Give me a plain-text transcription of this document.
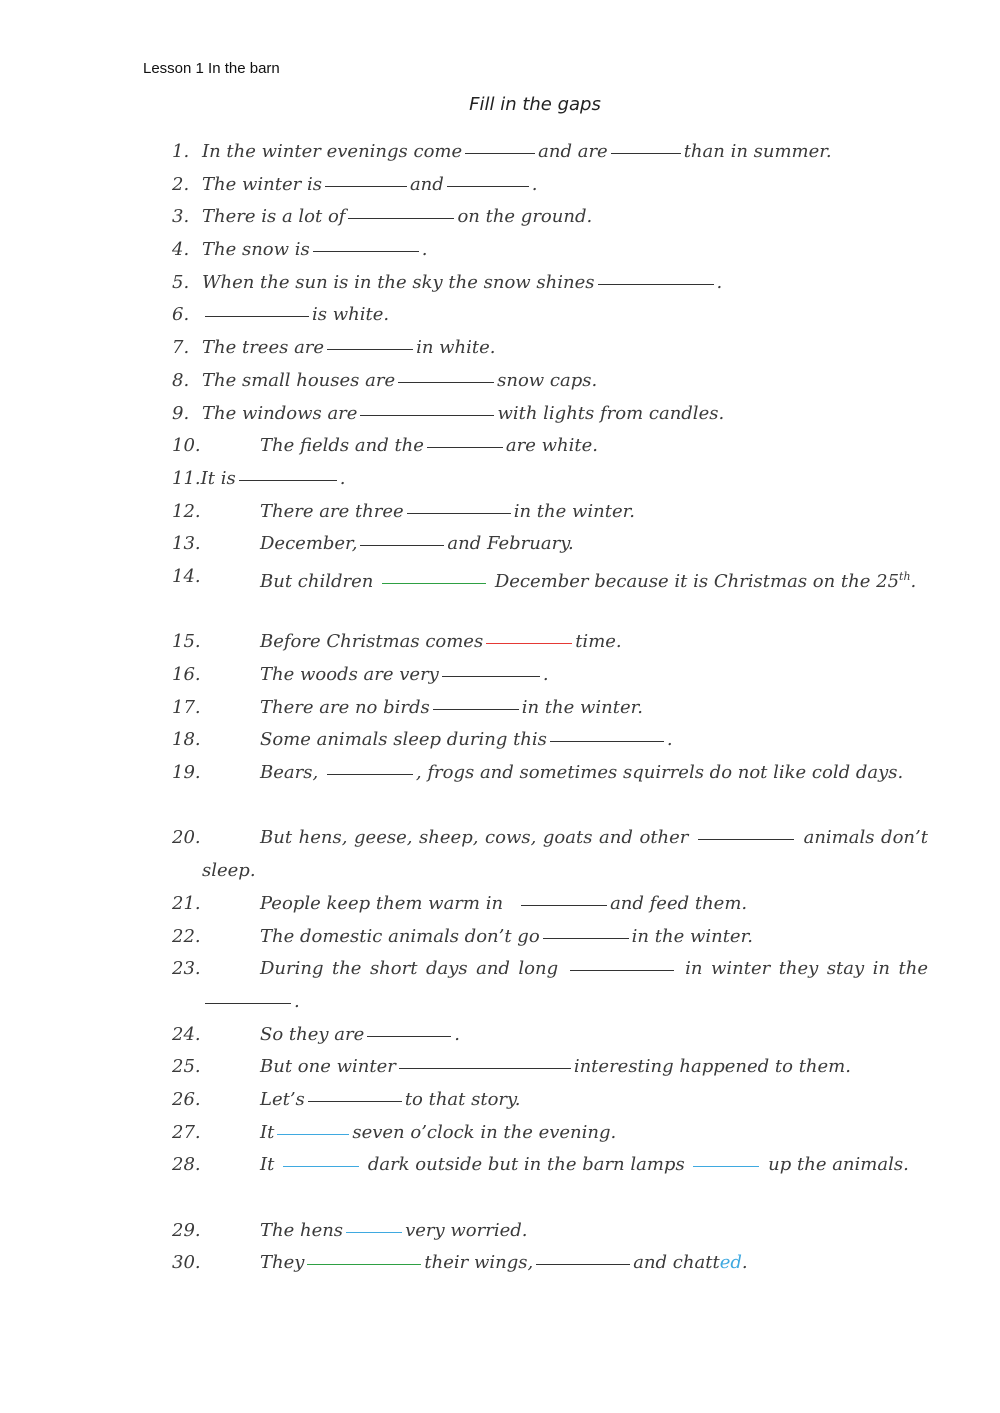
Lesson 1 In the barn
Fill in the gaps
1. In the winter evenings come	and are	than in summer.
2. The winter is	and	.
3. There is a lot of	on the ground.
4. The snow is	.
5. When the sun is in the sky the snow shines	.
6.	is white.
7. The trees are	in white.
8. The small houses are	snow caps.
9. The windows are	with lights from candles.
10.	The fields and the	are white.
11.It is	.
12.	There are three	in the winter.
13.	December,	and February.
14.	But children	December because it is Christmas on the 25th.
15.	Before Christmas comes	time.
16.	The woods are very	.
17.	There are no birds	in the winter.
18.	Some animals sleep during this	.
19.	Bears,	, frogs and sometimes squirrels do not like cold days.
20.	But hens, geese, sheep, cows, goats and other	animals don’t sleep.
21.	People keep them warm in	and feed them.
22.	The domestic animals don’t go	in the winter.
23.	During the short days and long	in winter they stay in the .
24.	So they are	.
25.	But one winter	interesting happened to them.
26.	Let’s	to that story.
27.	It	seven o’clock in the evening.
28.	It	dark outside but in the barn lamps	up the animals.
29.	The hens	very worried.
30.	They	their wings,	and chatted.
